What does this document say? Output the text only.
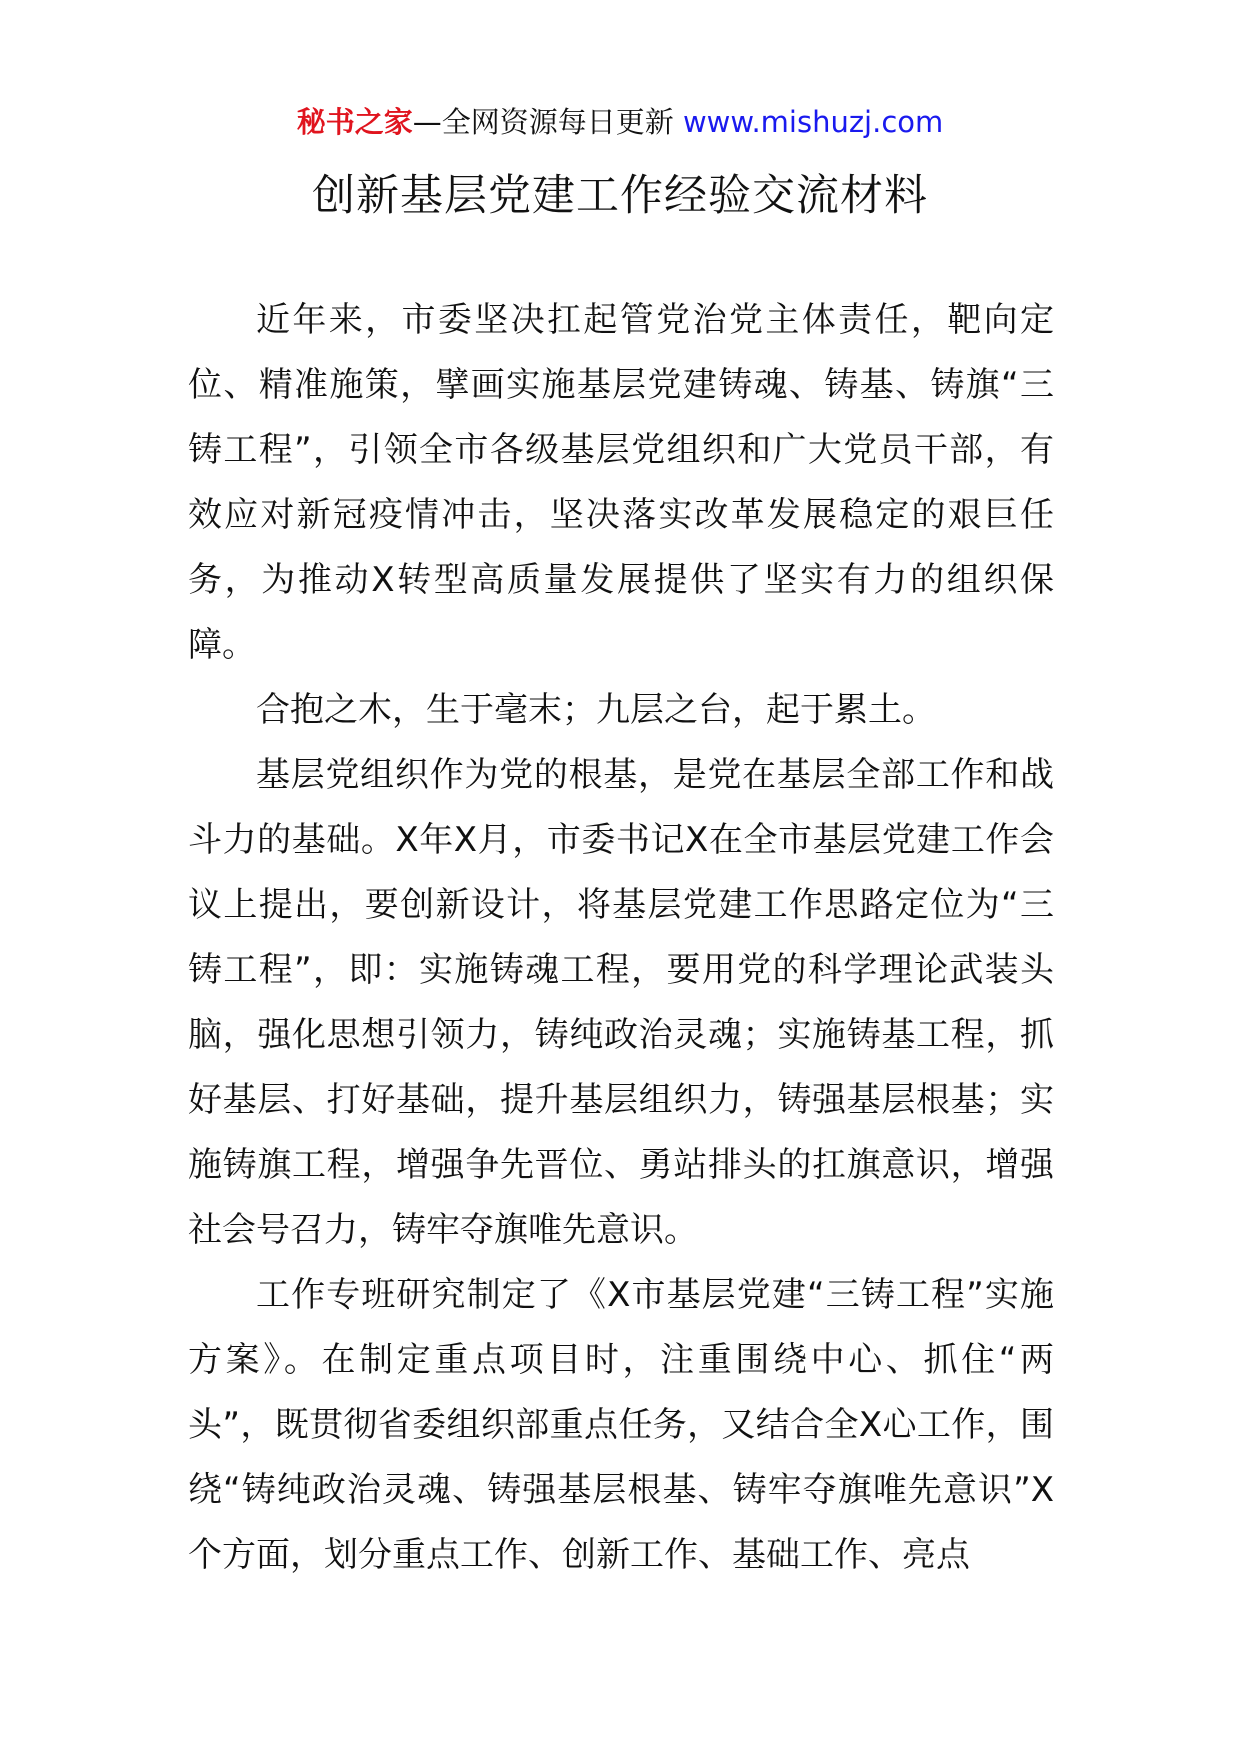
秘书之家—全网资源每日更新 www.mishuzj.com
创新基层党建工作经验交流材料

近年来，市委坚决扛起管党治党主体责任，靶向定位、精准施策，擘画实施基层党建铸魂、铸基、铸旗“三铸工程”，引领全市各级基层党组织和广大党员干部，有效应对新冠疫情冲击，坚决落实改革发展稳定的艰巨任务，为推动X转型高质量发展提供了坚实有力的组织保障。

合抱之木，生于毫末；九层之台，起于累土。

基层党组织作为党的根基，是党在基层全部工作和战斗力的基础。X年X月，市委书记X在全市基层党建工作会议上提出，要创新设计，将基层党建工作思路定位为“三铸工程”，即：实施铸魂工程，要用党的科学理论武装头脑，强化思想引领力，铸纯政治灵魂；实施铸基工程，抓好基层、打好基础，提升基层组织力，铸强基层根基；实施铸旗工程，增强争先晋位、勇站排头的扛旗意识，增强社会号召力，铸牢夺旗唯先意识。

工作专班研究制定了《X市基层党建“三铸工程”实施方案》。在制定重点项目时，注重围绕中心、抓住“两头”，既贯彻省委组织部重点任务，又结合全X心工作，围绕“铸纯政治灵魂、铸强基层根基、铸牢夺旗唯先意识”X个方面，划分重点工作、创新工作、基础工作、亮点
